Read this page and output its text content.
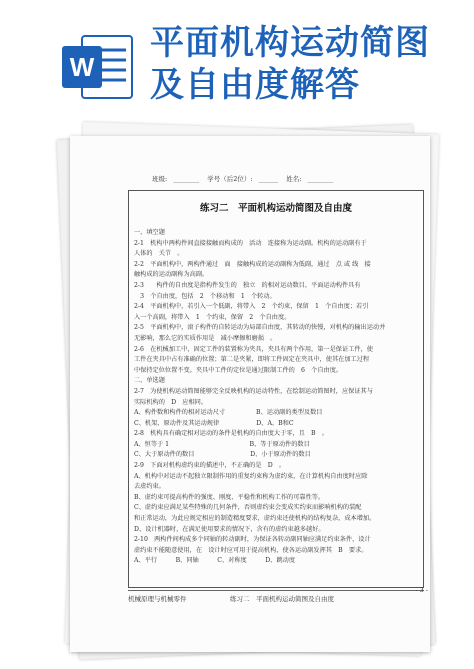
W
平面机构运动简图及自由度解答
班级: ________ 学号（后2位）: ______ 姓名: ________
练习二　平面机构运动简图及自由度

一、填空题

2-1　机构中两构件间直接接触而构成的　活动　连接称为运动副。机构的运动副有于

人体的　关节　。

2-2　平面机构中，两构件通过　面　接触构成的运动副称为低副，通过　点 或 线　接

触构成的运动副称为高副。

2-3　　构件的自由度是指构件发生的　独立　的相对运动数目，平面运动构件具有

　3　个自由度，包括　2　个移动和　1　个转动。

2-4　平面机构中，若引入一个低副，将带入　2　个约束，保留　1　个自由度；若引

入一个高副，将带入　1　个约束，保留　2　个自由度。

2-5　平面机构中，滚子构件的自转运动为局部自由度，其转动的快慢，对机构的输出运动并

无影响，那么它的实质作用是　减小摩擦和磨损　。

2-6　在机械加工中，固定工件的装置称为夹具，夹具有两个作用，第一是保证工件，使

工件在夹具中占有准确的位置；第二是夹紧，即将工件固定在夹具中，使其在加工过程

中保持定位位置不变。夹具中工件的定位是通过限制工件的　6　个自由度。

二、单选题

2-7　为使机构运动简图能够完全反映机构的运动特性，在绘制运动简图时，应保证其与

实际机构的　D　应相同。

A、构件数和构件的相对运动尺寸　　　　　B、运动副的类型及数目

C、机架、原动件及其运动规律　　　　　　D、A、B和C

2-8　机构具有确定相对运动的条件是机构的自由度大于零，且　B　。

A、恒等于 1　　　　　　　　　　　　　B、等于原动件的数目

C、大于原动件的数目　　　　　　　　　D、小于原动件的数目

2-9　下面对机构虚约束的描述中，不正确的是　D　。

A、机构中对运动不起独立限制作用的重复约束称为虚约束，在计算机构自由度时应除

去虚约束。

B、虚约束可提高构件的强度、刚度、平稳性和机构工作的可靠性等。

C、虚约束应满足某些特殊的几何条件，否则虚约束会变成实约束而影响机构的装配

和正常运动，为此应规定相应的制造精度要求，虚约束还使机构的结构复杂，成本增加。

D、设计机器时，在满足使用要求的情况下，含有的虚约束越多越好。

2-10　两构件间构成多个同轴的转动副时，为保证各转动副同轴应满足约束条件，设计

虚约束不能随意使用，在　设计时应可用于提高机构，使各运动副发挥其　B　要求。

A、平行　　　B、同轴　　　C、对称度　　　D、跳动度

机械原理与机械零件	练习二　平面机构运动简图及自由度
- 3 -
